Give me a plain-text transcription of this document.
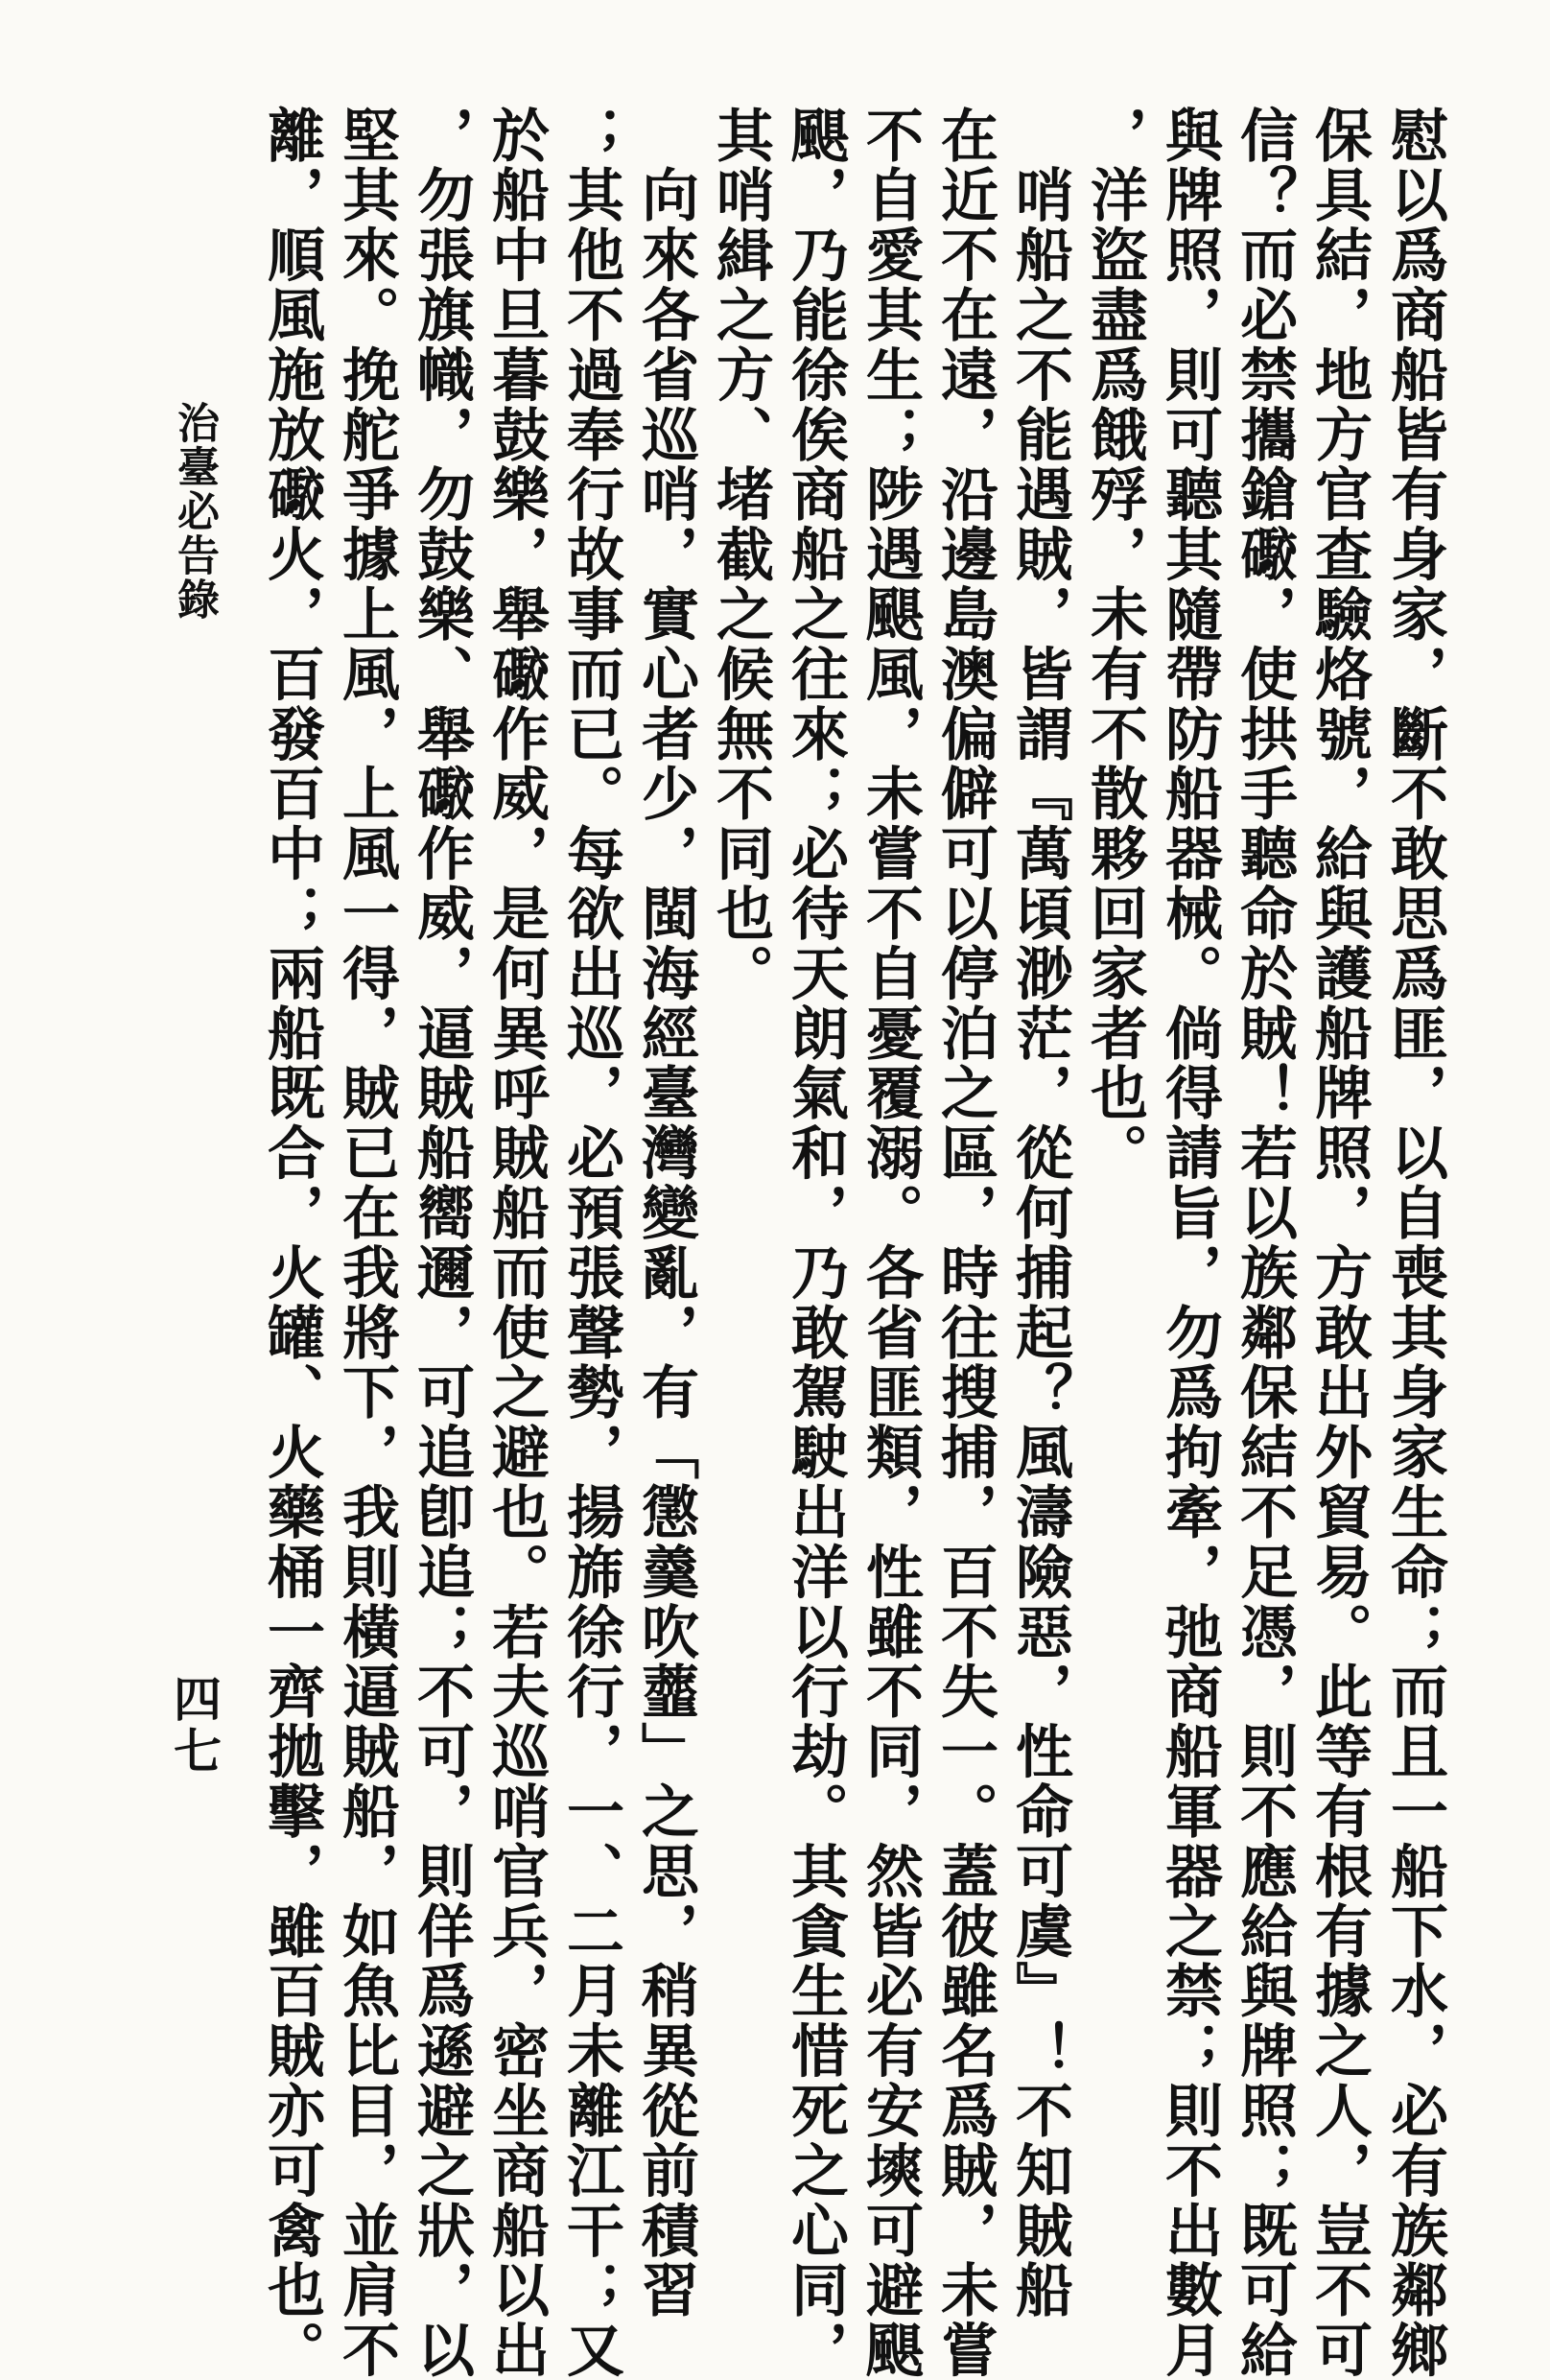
治臺必告錄
四七	慰以爲商船皆有身家，斷不敢思爲匪，以自喪其身家生命；而且一船下水，必有族鄰鄉
保具結，地方官查驗烙號，給與護船牌照，方敢出外貿易。此等有根有據之人，豈不可
信？而必禁攜鎗礮，使拱手聽命於賊！若以族鄰保結不足憑，則不應給與牌照；既可給
與牌照，則可聽其隨帶防船器械。倘得請旨，勿爲拘牽，弛商船軍器之禁；則不出數月
，洋盜盡爲餓殍，未有不散夥回家者也。
　哨船之不能遇賊，皆謂『萬頃渺茫，從何捕起？風濤險惡，性命可虞』！不知賊船
在近不在遠，沿邊島澳偏僻可以停泊之區，時往搜捕，百不失一。蓋彼雖名爲賊，未嘗
不自愛其生；陟遇颶風，未嘗不自憂覆溺。各省匪類，性雖不同，然皆必有安塽可避颶
颶，乃能徐俟商船之往來；必待天朗氣和，乃敢駕駛出洋以行劫。其貪生惜死之心同，
其哨緝之方、堵截之候無不同也。
　向來各省巡哨，實心者少，閩海經臺灣變亂，有「懲羹吹虀」之思，稍異從前積習
；其他不過奉行故事而已。每欲出巡，必預張聲勢，揚旆徐行，一、二月未離江干；又
於船中旦暮鼓樂，舉礮作威，是何異呼賊船而使之避也。若夫巡哨官兵，密坐商船以出
，勿張旗幟，勿鼓樂、舉礮作威，逼賊船嚮邇，可追卽追；不可，則佯爲遜避之狀，以
堅其來。挽舵爭據上風，上風一得，賊已在我將下，我則橫逼賊船，如魚比目，並肩不
離，順風施放礮火，百發百中；兩船既合，火罐、火藥桶一齊拋擊，雖百賊亦可禽也。
